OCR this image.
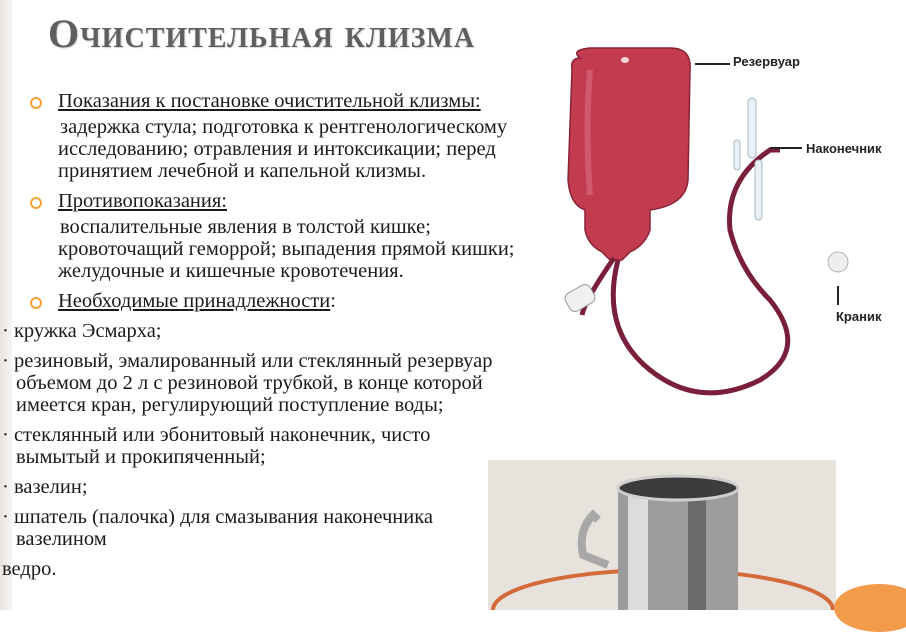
Очистительная клизма
Показания к постановке очистительной клизмы:
задержка стула; подготовка к рентгенологическому
исследованию; отравления и интоксикации; перед
принятием лечебной и капельной клизмы.
Противопоказания:
воспалительные явления в толстой кишке;
кровоточащий геморрой; выпадения прямой кишки;
желудочные и кишечные кровотечения.
Необходимые принадлежности:
· кружка Эсмарха;
· резиновый, эмалированный или стеклянный резервуар
объемом до 2 л с резиновой трубкой, в конце которой
имеется кран, регулирующий поступление воды;
· стеклянный или эбонитовый наконечник, чисто
вымытый и прокипяченный;
· вазелин;
· шпатель (палочка) для смазывания наконечника
вазелином
ведро.
Резервуар
Наконечник
Краник
